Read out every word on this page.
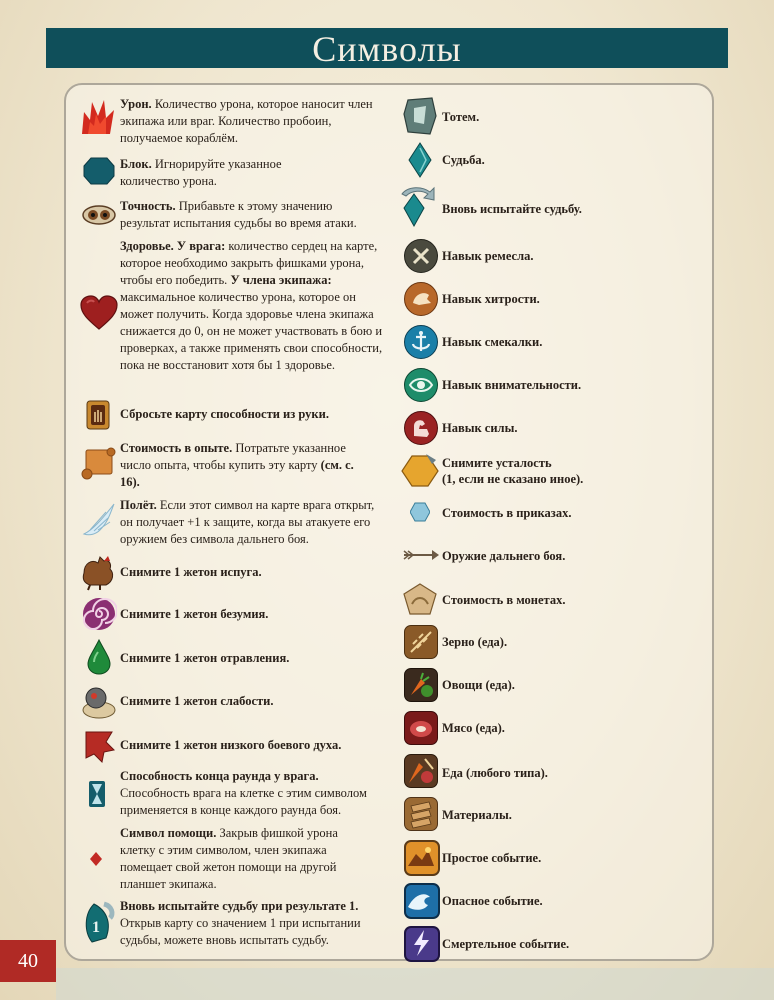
Символы
Урон. Количество урона, которое наносит член экипажа или враг. Количество пробоин, получаемое кораблём.
Блок. Игнорируйте указанное количество урона.
Точность. Прибавьте к этому значению результат испытания судьбы во время атаки.
Здоровье. У врага: количество сердец на карте, которое необходимо закрыть фишками урона, чтобы его победить. У члена экипажа: максимальное количество урона, которое он может получить. Когда здоровье члена экипажа снижается до 0, он не может участвовать в бою и проверках, а также применять свои способности, пока не восстановит хотя бы 1 здоровье.
Сбросьте карту способности из руки.
Стоимость в опыте. Потратьте указанное число опыта, чтобы купить эту карту (см. с. 16).
Полёт. Если этот символ на карте врага открыт, он получает +1 к защите, когда вы атакуете его оружием без символа дальнего боя.
Снимите 1 жетон испуга.
Снимите 1 жетон безумия.
Снимите 1 жетон отравления.
Снимите 1 жетон слабости.
Снимите 1 жетон низкого боевого духа.
Способность конца раунда у врага.
Способность врага на клетке с этим символом применяется в конце каждого раунда боя.
Символ помощи. Закрыв фишкой урона клетку с этим символом, член экипажа помещает свой жетон помощи на другой планшет экипажа.
1
Вновь испытайте судьбу при результате 1. Открыв карту со значением 1 при испытании судьбы, можете вновь испытать судьбу.
Тотем.
Судьба.
Вновь испытайте судьбу.
Навык ремесла.
Навык хитрости.
Навык смекалки.
Навык внимательности.
Навык силы.
Снимите усталость
(1, если не сказано иное).
Стоимость в приказах.
Оружие дальнего боя.
Стоимость в монетах.
Зерно (еда).
Овощи (еда).
Мясо (еда).
Еда (любого типа).
Материалы.
Простое событие.
Опасное событие.
Смертельное событие.
40
